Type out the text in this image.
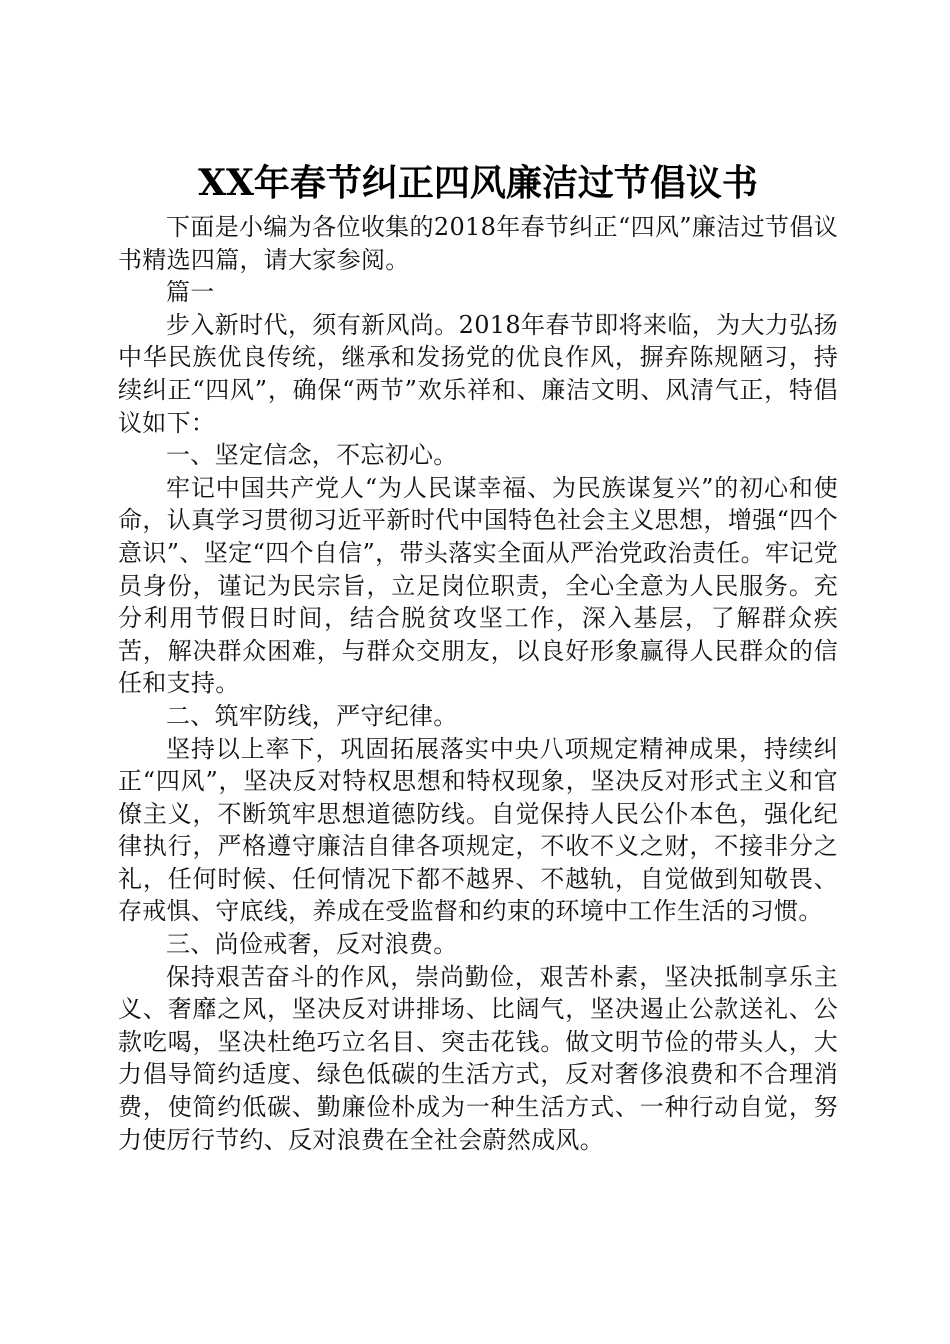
XX年春节纠正四风廉洁过节倡议书

下面是小编为各位收集的2018年春节纠正“四风”廉洁过节倡议书精选四篇，请大家参阅。

篇一

步入新时代，须有新风尚。2018年春节即将来临，为大力弘扬中华民族优良传统，继承和发扬党的优良作风，摒弃陈规陋习，持续纠正“四风”，确保“两节”欢乐祥和、廉洁文明、风清气正，特倡议如下：

一、坚定信念，不忘初心。

牢记中国共产党人“为人民谋幸福、为民族谋复兴”的初心和使命，认真学习贯彻习近平新时代中国特色社会主义思想，增强“四个意识”、坚定“四个自信”，带头落实全面从严治党政治责任。牢记党员身份，谨记为民宗旨，立足岗位职责，全心全意为人民服务。充分利用节假日时间，结合脱贫攻坚工作，深入基层，了解群众疾苦，解决群众困难，与群众交朋友，以良好形象赢得人民群众的信任和支持。

二、筑牢防线，严守纪律。

坚持以上率下，巩固拓展落实中央八项规定精神成果，持续纠正“四风”，坚决反对特权思想和特权现象，坚决反对形式主义和官僚主义，不断筑牢思想道德防线。自觉保持人民公仆本色，强化纪律执行，严格遵守廉洁自律各项规定，不收不义之财，不接非分之礼，任何时候、任何情况下都不越界、不越轨，自觉做到知敬畏、存戒惧、守底线，养成在受监督和约束的环境中工作生活的习惯。

三、尚俭戒奢，反对浪费。

保持艰苦奋斗的作风，崇尚勤俭，艰苦朴素，坚决抵制享乐主义、奢靡之风，坚决反对讲排场、比阔气，坚决遏止公款送礼、公款吃喝，坚决杜绝巧立名目、突击花钱。做文明节俭的带头人，大力倡导简约适度、绿色低碳的生活方式，反对奢侈浪费和不合理消费，使简约低碳、勤廉俭朴成为一种生活方式、一种行动自觉，努力使厉行节约、反对浪费在全社会蔚然成风。
